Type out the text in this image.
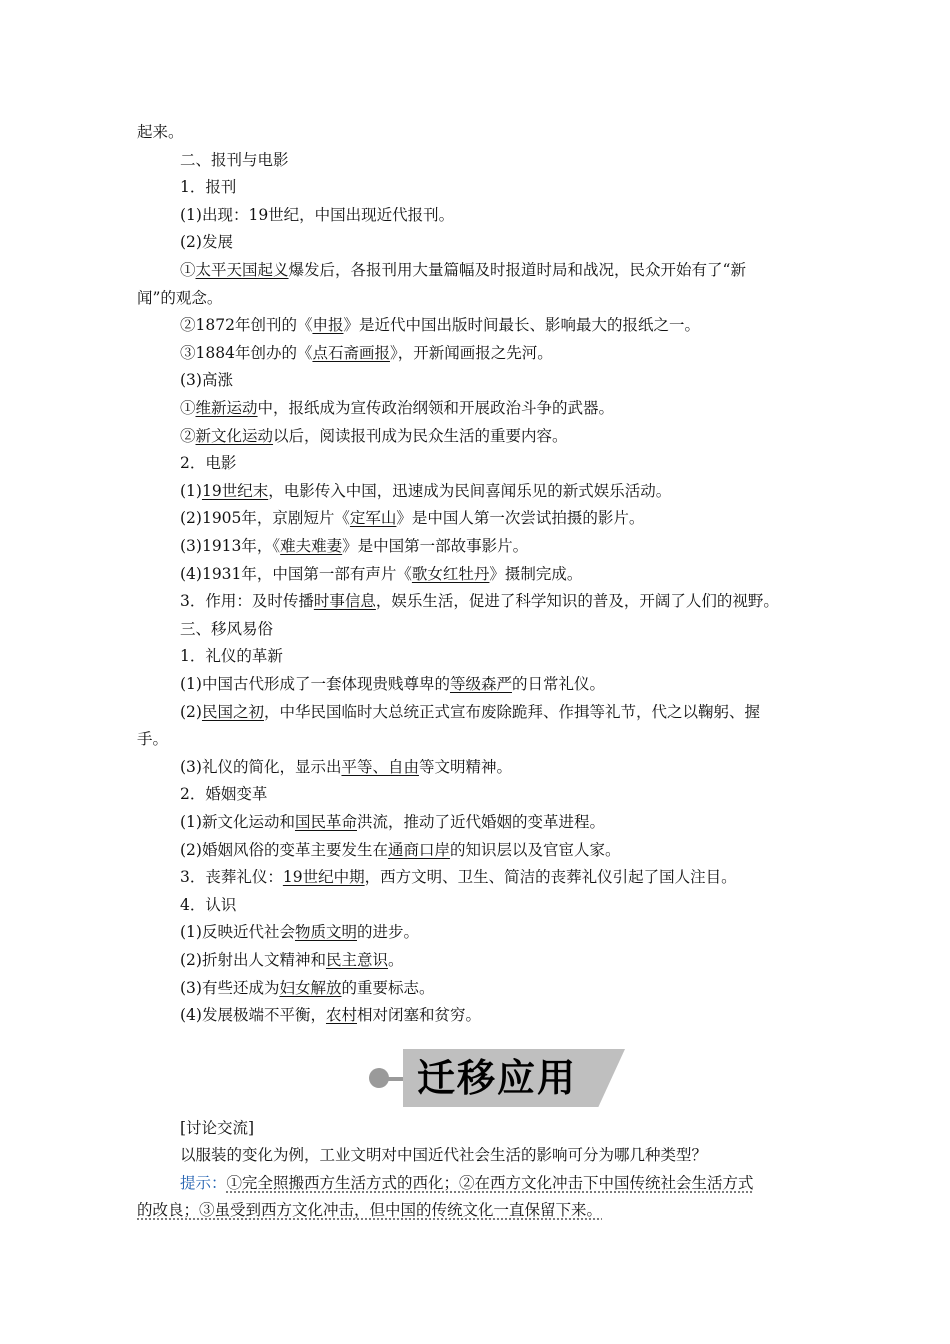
起来。
二、报刊与电影
1．报刊
(1)出现：19世纪，中国出现近代报刊。
(2)发展
①太平天国起义爆发后，各报刊用大量篇幅及时报道时局和战况，民众开始有了“新
闻”的观念。
②1872年创刊的《申报》是近代中国出版时间最长、影响最大的报纸之一。
③1884年创办的《点石斋画报》，开新闻画报之先河。
(3)高涨
①维新运动中，报纸成为宣传政治纲领和开展政治斗争的武器。
②新文化运动以后，阅读报刊成为民众生活的重要内容。
2．电影
(1)19世纪末，电影传入中国，迅速成为民间喜闻乐见的新式娱乐活动。
(2)1905年，京剧短片《定军山》是中国人第一次尝试拍摄的影片。
(3)1913年，《难夫难妻》是中国第一部故事影片。
(4)1931年，中国第一部有声片《歌女红牡丹》摄制完成。
3．作用：及时传播时事信息，娱乐生活，促进了科学知识的普及，开阔了人们的视野。
三、移风易俗
1．礼仪的革新
(1)中国古代形成了一套体现贵贱尊卑的等级森严的日常礼仪。
(2)民国之初，中华民国临时大总统正式宣布废除跪拜、作揖等礼节，代之以鞠躬、握
手。
(3)礼仪的简化，显示出平等、自由等文明精神。
2．婚姻变革
(1)新文化运动和国民革命洪流，推动了近代婚姻的变革进程。
(2)婚姻风俗的变革主要发生在通商口岸的知识层以及官宦人家。
3．丧葬礼仪：19世纪中期，西方文明、卫生、简洁的丧葬礼仪引起了国人注目。
4．认识
(1)反映近代社会物质文明的进步。
(2)折射出人文精神和民主意识。
(3)有些还成为妇女解放的重要标志。
(4)发展极端不平衡，农村相对闭塞和贫穷。
迁移应用
[讨论交流]
以服装的变化为例，工业文明对中国近代社会生活的影响可分为哪几种类型？
提示：①完全照搬西方生活方式的西化；②在西方文化冲击下中国传统社会生活方式
的改良；③虽受到西方文化冲击，但中国的传统文化一直保留下来。
